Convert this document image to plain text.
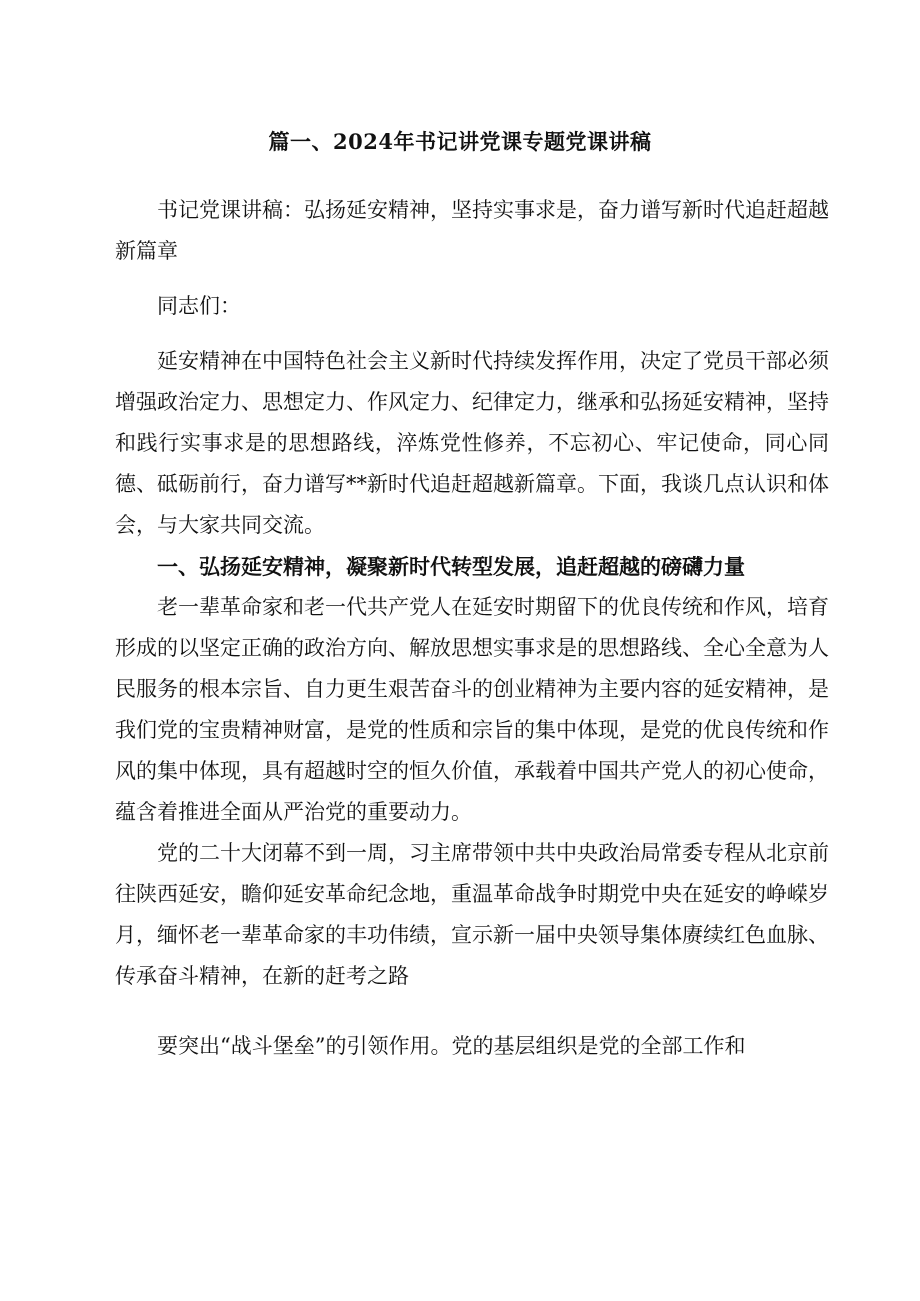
篇一、2024年书记讲党课专题党课讲稿

书记党课讲稿：弘扬延安精神，坚持实事求是，奋力谱写新时代追赶超越新篇章

同志们：

延安精神在中国特色社会主义新时代持续发挥作用，决定了党员干部必须增强政治定力、思想定力、作风定力、纪律定力，继承和弘扬延安精神，坚持和践行实事求是的思想路线，淬炼党性修养，不忘初心、牢记使命，同心同德、砥砺前行，奋力谱写**新时代追赶超越新篇章。下面，我谈几点认识和体会，与大家共同交流。

一、弘扬延安精神，凝聚新时代转型发展，追赶超越的磅礴力量

老一辈革命家和老一代共产党人在延安时期留下的优良传统和作风，培育形成的以坚定正确的政治方向、解放思想实事求是的思想路线、全心全意为人民服务的根本宗旨、自力更生艰苦奋斗的创业精神为主要内容的延安精神，是我们党的宝贵精神财富，是党的性质和宗旨的集中体现，是党的优良传统和作风的集中体现，具有超越时空的恒久价值，承载着中国共产党人的初心使命，蕴含着推进全面从严治党的重要动力。

党的二十大闭幕不到一周，习主席带领中共中央政治局常委专程从北京前往陕西延安，瞻仰延安革命纪念地，重温革命战争时期党中央在延安的峥嵘岁月，缅怀老一辈革命家的丰功伟绩，宣示新一届中央领导集体赓续红色血脉、传承奋斗精神，在新的赶考之路

要突出“战斗堡垒”的引领作用。党的基层组织是党的全部工作和
